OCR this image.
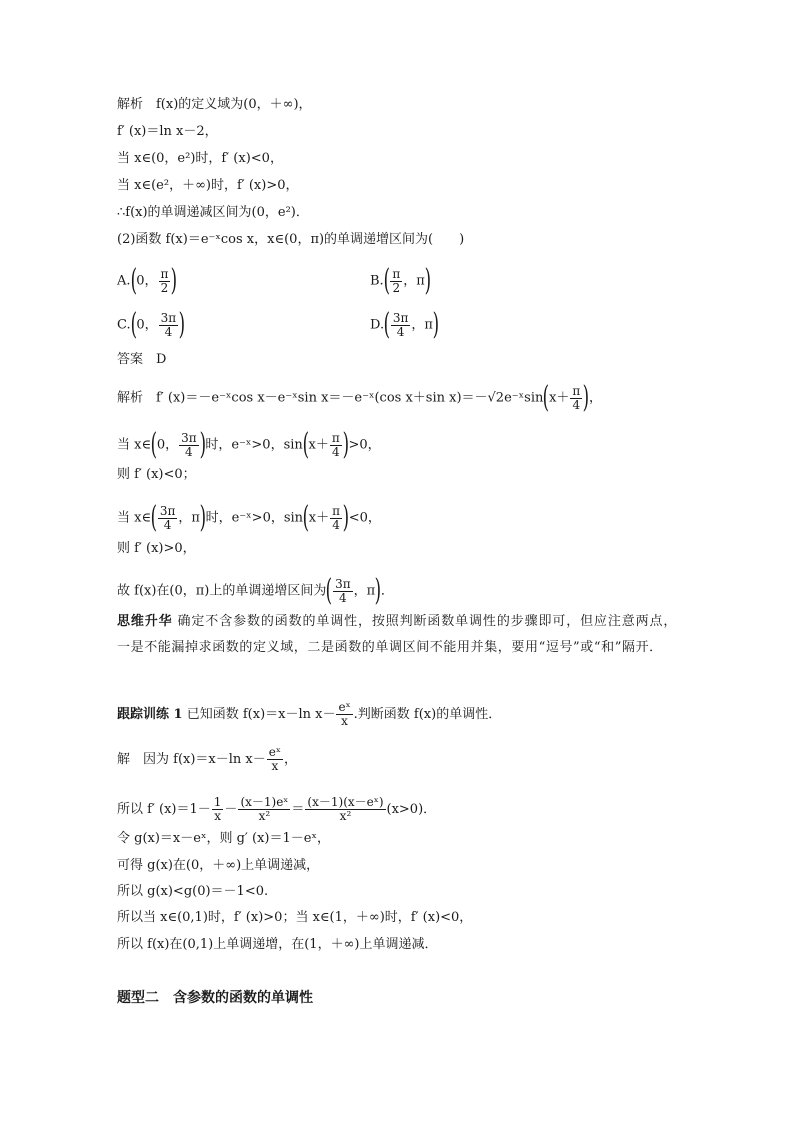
解析　f(x)的定义域为(0，＋∞)，
f′ (x)＝ln x－2，
当 x∈(0，e²)时，f′ (x)<0，
当 x∈(e²，＋∞)时，f′ (x)>0，
∴f(x)的单调递减区间为(0，e²)．
(2)函数 f(x)＝e⁻ˣcos x，x∈(0，π)的单调递增区间为(　　)
A.(0， $\frac{\pi}{2}$ )	$B.( \frac{\pi}{2}$ ，π)
C.(0， $\frac{3\pi}{4}$ )	$D.( \frac{3\pi}{4}$ ，π)
答案　D
解析　f′ (x)＝－e⁻ˣcos x－e⁻ˣsin x＝－e⁻ˣ(cos x＋sin x)＝－√2e⁻ˣsin(x＋ $\frac{\pi}{4}$ )，
当 x∈(0， $\frac{3\pi}{4}$ )时，e⁻ˣ>0，$\sin(x+ \frac{\pi}{4} )>0$，
则 f′ (x)<0；
当 x∈( $\frac{3\pi}{4}$ ，π)时，e⁻ˣ>0，$\sin(x+ \frac{\pi}{4} )<0$，
则 f′ (x)>0，
故 f(x)在(0，π)上的单调递增区间为( $\frac{3\pi}{4}$ ，π)．
思维升华 确定不含参数的函数的单调性，按照判断函数单调性的步骤即可，但应注意两点，一是不能漏掉求函数的定义域，二是函数的单调区间不能用并集，要用“逗号”或“和”隔开．
跟踪训练 1 已知函数 f(x)＝x－ln $x- \frac{\text{eˣ}}{x}$ .判断函数 f(x)的单调性．
解　因为 f(x)＝x－ln $x- \frac{\text{eˣ}}{x}$ ，
所以 f′ $(x)=1- \frac{1}{x} - \frac{\text{(x－1)eˣ}}{\text{x²}} = \frac{\text{(x－1)(x－eˣ)}}{\text{x²}} (x>0)$．
令 g(x)＝x－eˣ，则 g′ (x)＝1－eˣ，
可得 g(x)在(0，＋∞)上单调递减，
所以 g(x)<g(0)＝－1<0.
所以当 x∈(0,1)时，f′ (x)>0；当 x∈(1，＋∞)时，f′ (x)<0，
所以 f(x)在(0,1)上单调递增，在(1，＋∞)上单调递减．
题型二　含参数的函数的单调性
